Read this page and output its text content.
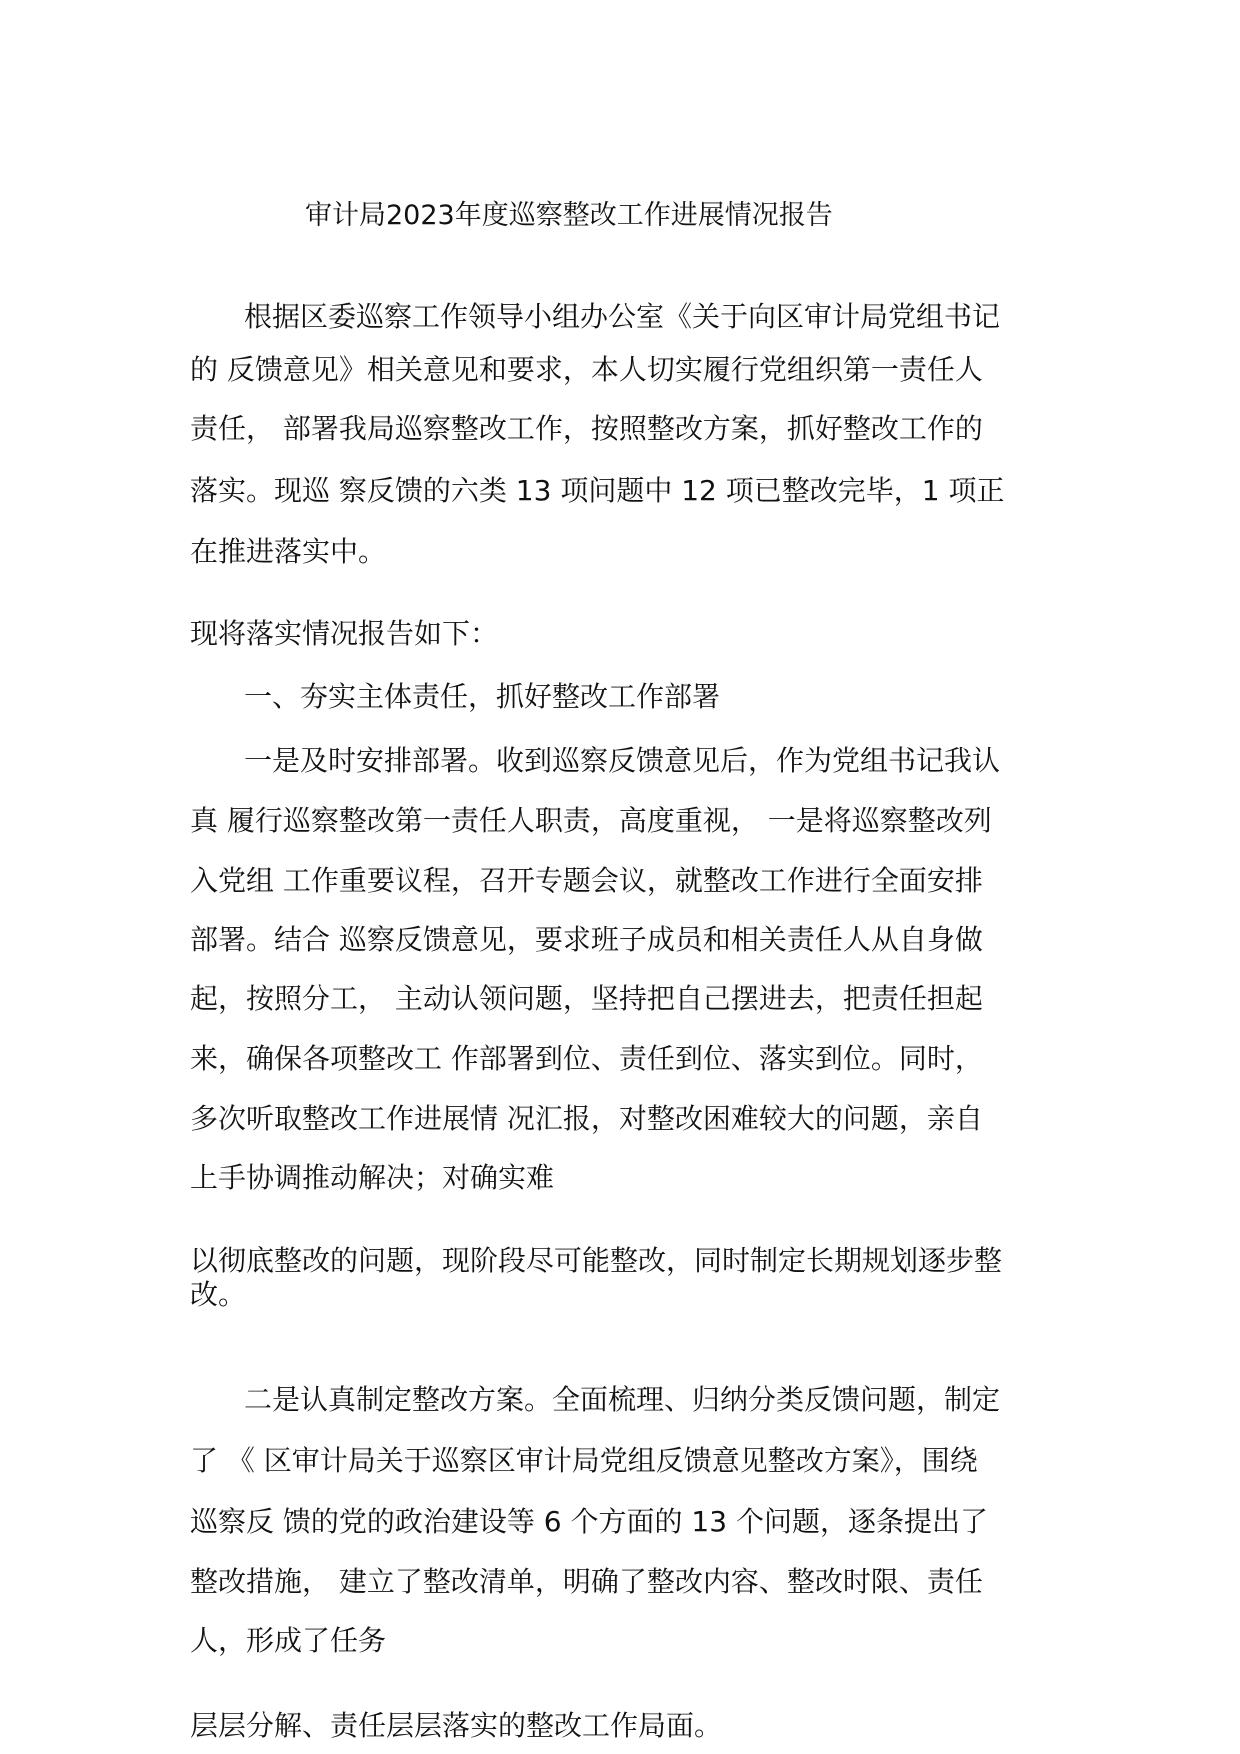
审计局2023年度巡察整改工作进展情况报告
根据区委巡察工作领导小组办公室《关于向区审计局党组书记
的 反馈意见》相关意见和要求，本人切实履行党组织第一责任人
责任， 部署我局巡察整改工作，按照整改方案，抓好整改工作的
落实。现巡 察反馈的六类 13 项问题中 12 项已整改完毕，1 项正
在推进落实中。
现将落实情况报告如下：
一、夯实主体责任，抓好整改工作部署
一是及时安排部署。收到巡察反馈意见后，作为党组书记我认
真 履行巡察整改第一责任人职责，高度重视， 一是将巡察整改列
入党组 工作重要议程，召开专题会议，就整改工作进行全面安排
部署。结合 巡察反馈意见，要求班子成员和相关责任人从自身做
起，按照分工， 主动认领问题，坚持把自己摆进去，把责任担起
来，确保各项整改工 作部署到位、责任到位、落实到位。同时，
多次听取整改工作进展情 况汇报，对整改困难较大的问题，亲自
上手协调推动解决；对确实难
以彻底整改的问题，现阶段尽可能整改，同时制定长期规划逐步整
改。
二是认真制定整改方案。全面梳理、归纳分类反馈问题，制定
了 《 区审计局关于巡察区审计局党组反馈意见整改方案》，围绕
巡察反 馈的党的政治建设等 6 个方面的 13 个问题，逐条提出了
整改措施， 建立了整改清单，明确了整改内容、整改时限、责任
人，形成了任务
层层分解、责任层层落实的整改工作局面。
